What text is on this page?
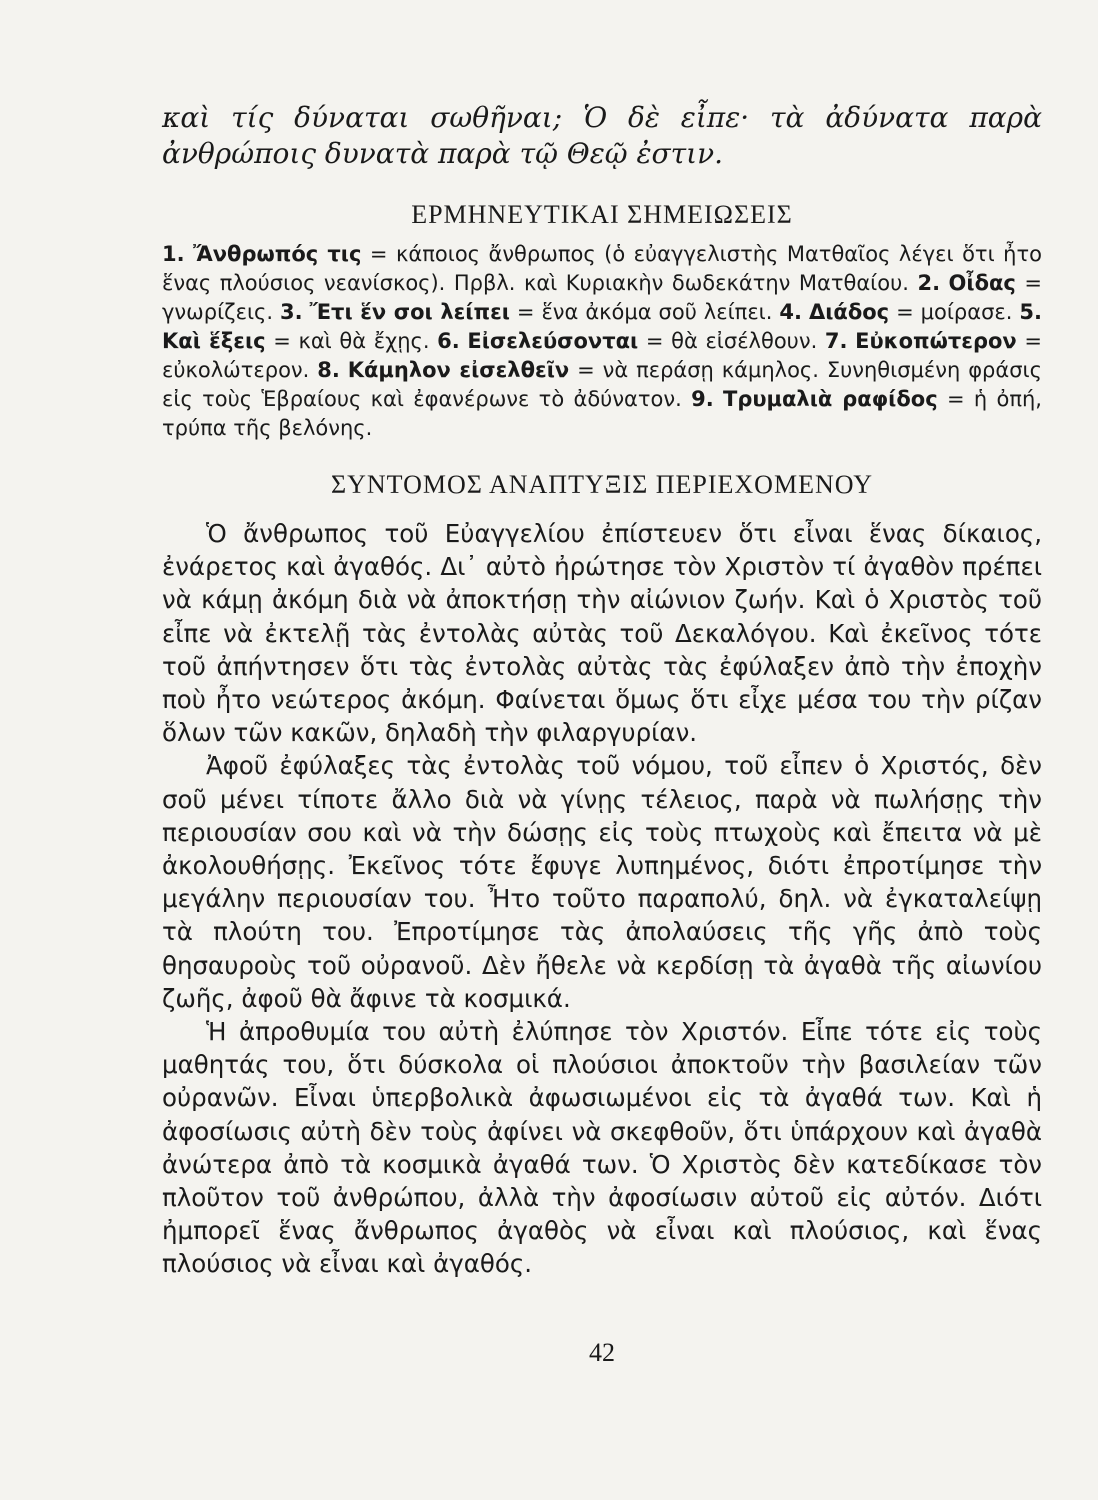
καὶ τίς δύναται σωθῆναι; Ὁ δὲ εἶπε· τὰ ἀδύνατα παρὰ ἀνθρώποις δυνατὰ παρὰ τῷ Θεῷ ἐστιν.
ΕΡΜΗΝΕΥΤΙΚΑΙ ΣΗΜΕΙΩΣΕΙΣ
1. Ἄνθρωπός τις = κάποιος ἄνθρωπος (ὁ εὐαγγελιστὴς Ματθαῖος λέγει ὅτι ἦτο ἕνας πλούσιος νεανίσκος). Πρβλ. καὶ Κυριακὴν δωδεκάτην Ματθαίου. 2. Οἶδας = γνωρίζεις. 3. Ἔτι ἕν σοι λείπει = ἕνα ἀκόμα σοῦ λείπει. 4. Διάδος = μοίρασε. 5. Καὶ ἕξεις = καὶ θὰ ἔχῃς. 6. Εἰσελεύσονται = θὰ εἰσέλθουν. 7. Εὐκοπώτερον = εὐκολώτερον. 8. Κάμηλον εἰσελθεῖν = νὰ περάσῃ κάμηλος. Συνηθισμένη φράσις εἰς τοὺς Ἑβραίους καὶ ἐφανέρωνε τὸ ἀδύνατον. 9. Τρυμαλιὰ ραφίδος = ἡ ὀπή, τρύπα τῆς βελόνης.
ΣΥΝΤΟΜΟΣ ΑΝΑΠΤΥΞΙΣ ΠΕΡΙΕΧΟΜΕΝΟΥ

Ὁ ἄνθρωπος τοῦ Εὐαγγελίου ἐπίστευεν ὅτι εἶναι ἕνας δίκαιος, ἐνάρετος καὶ ἀγαθός. Δι᾽ αὐτὸ ἠρώτησε τὸν Χριστὸν τί ἀγαθὸν πρέπει νὰ κάμῃ ἀκόμη διὰ νὰ ἀποκτήσῃ τὴν αἰώνιον ζωήν. Καὶ ὁ Χριστὸς τοῦ εἶπε νὰ ἐκτελῇ τὰς ἐντολὰς αὐτὰς τοῦ Δεκαλόγου. Καὶ ἐκεῖνος τότε τοῦ ἀπήντησεν ὅτι τὰς ἐντολὰς αὐτὰς τὰς ἐφύλαξεν ἀπὸ τὴν ἐποχὴν ποὺ ἦτο νεώτερος ἀκόμη. Φαίνεται ὅμως ὅτι εἶχε μέσα του τὴν ρίζαν ὅλων τῶν κακῶν, δηλαδὴ τὴν φιλαργυρίαν.

Ἀφοῦ ἐφύλαξες τὰς ἐντολὰς τοῦ νόμου, τοῦ εἶπεν ὁ Χριστός, δὲν σοῦ μένει τίποτε ἄλλο διὰ νὰ γίνῃς τέλειος, παρὰ νὰ πωλήσῃς τὴν περιουσίαν σου καὶ νὰ τὴν δώσῃς εἰς τοὺς πτωχοὺς καὶ ἔπειτα νὰ μὲ ἀκολουθήσῃς. Ἐκεῖνος τότε ἔφυγε λυπημένος, διότι ἐπροτίμησε τὴν μεγάλην περιουσίαν του. Ἦτο τοῦτο παραπολύ, δηλ. νὰ ἐγκαταλείψῃ τὰ πλούτη του. Ἐπροτίμησε τὰς ἀπολαύσεις τῆς γῆς ἀπὸ τοὺς θησαυροὺς τοῦ οὐρανοῦ. Δὲν ἤθελε νὰ κερδίσῃ τὰ ἀγαθὰ τῆς αἰωνίου ζωῆς, ἀφοῦ θὰ ἄφινε τὰ κοσμικά.

Ἡ ἀπροθυμία του αὐτὴ ἐλύπησε τὸν Χριστόν. Εἶπε τότε εἰς τοὺς μαθητάς του, ὅτι δύσκολα οἱ πλούσιοι ἀποκτοῦν τὴν βασιλείαν τῶν οὐρανῶν. Εἶναι ὑπερβολικὰ ἀφωσιωμένοι εἰς τὰ ἀγαθά των. Καὶ ἡ ἀφοσίωσις αὐτὴ δὲν τοὺς ἀφίνει νὰ σκεφθοῦν, ὅτι ὑπάρχουν καὶ ἀγαθὰ ἀνώτερα ἀπὸ τὰ κοσμικὰ ἀγαθά των. Ὁ Χριστὸς δὲν κατεδίκασε τὸν πλοῦτον τοῦ ἀνθρώπου, ἀλλὰ τὴν ἀφοσίωσιν αὐτοῦ εἰς αὐτόν. Διότι ἠμπορεῖ ἕνας ἄνθρωπος ἀγαθὸς νὰ εἶναι καὶ πλούσιος, καὶ ἕνας πλούσιος νὰ εἶναι καὶ ἀγαθός.

42
